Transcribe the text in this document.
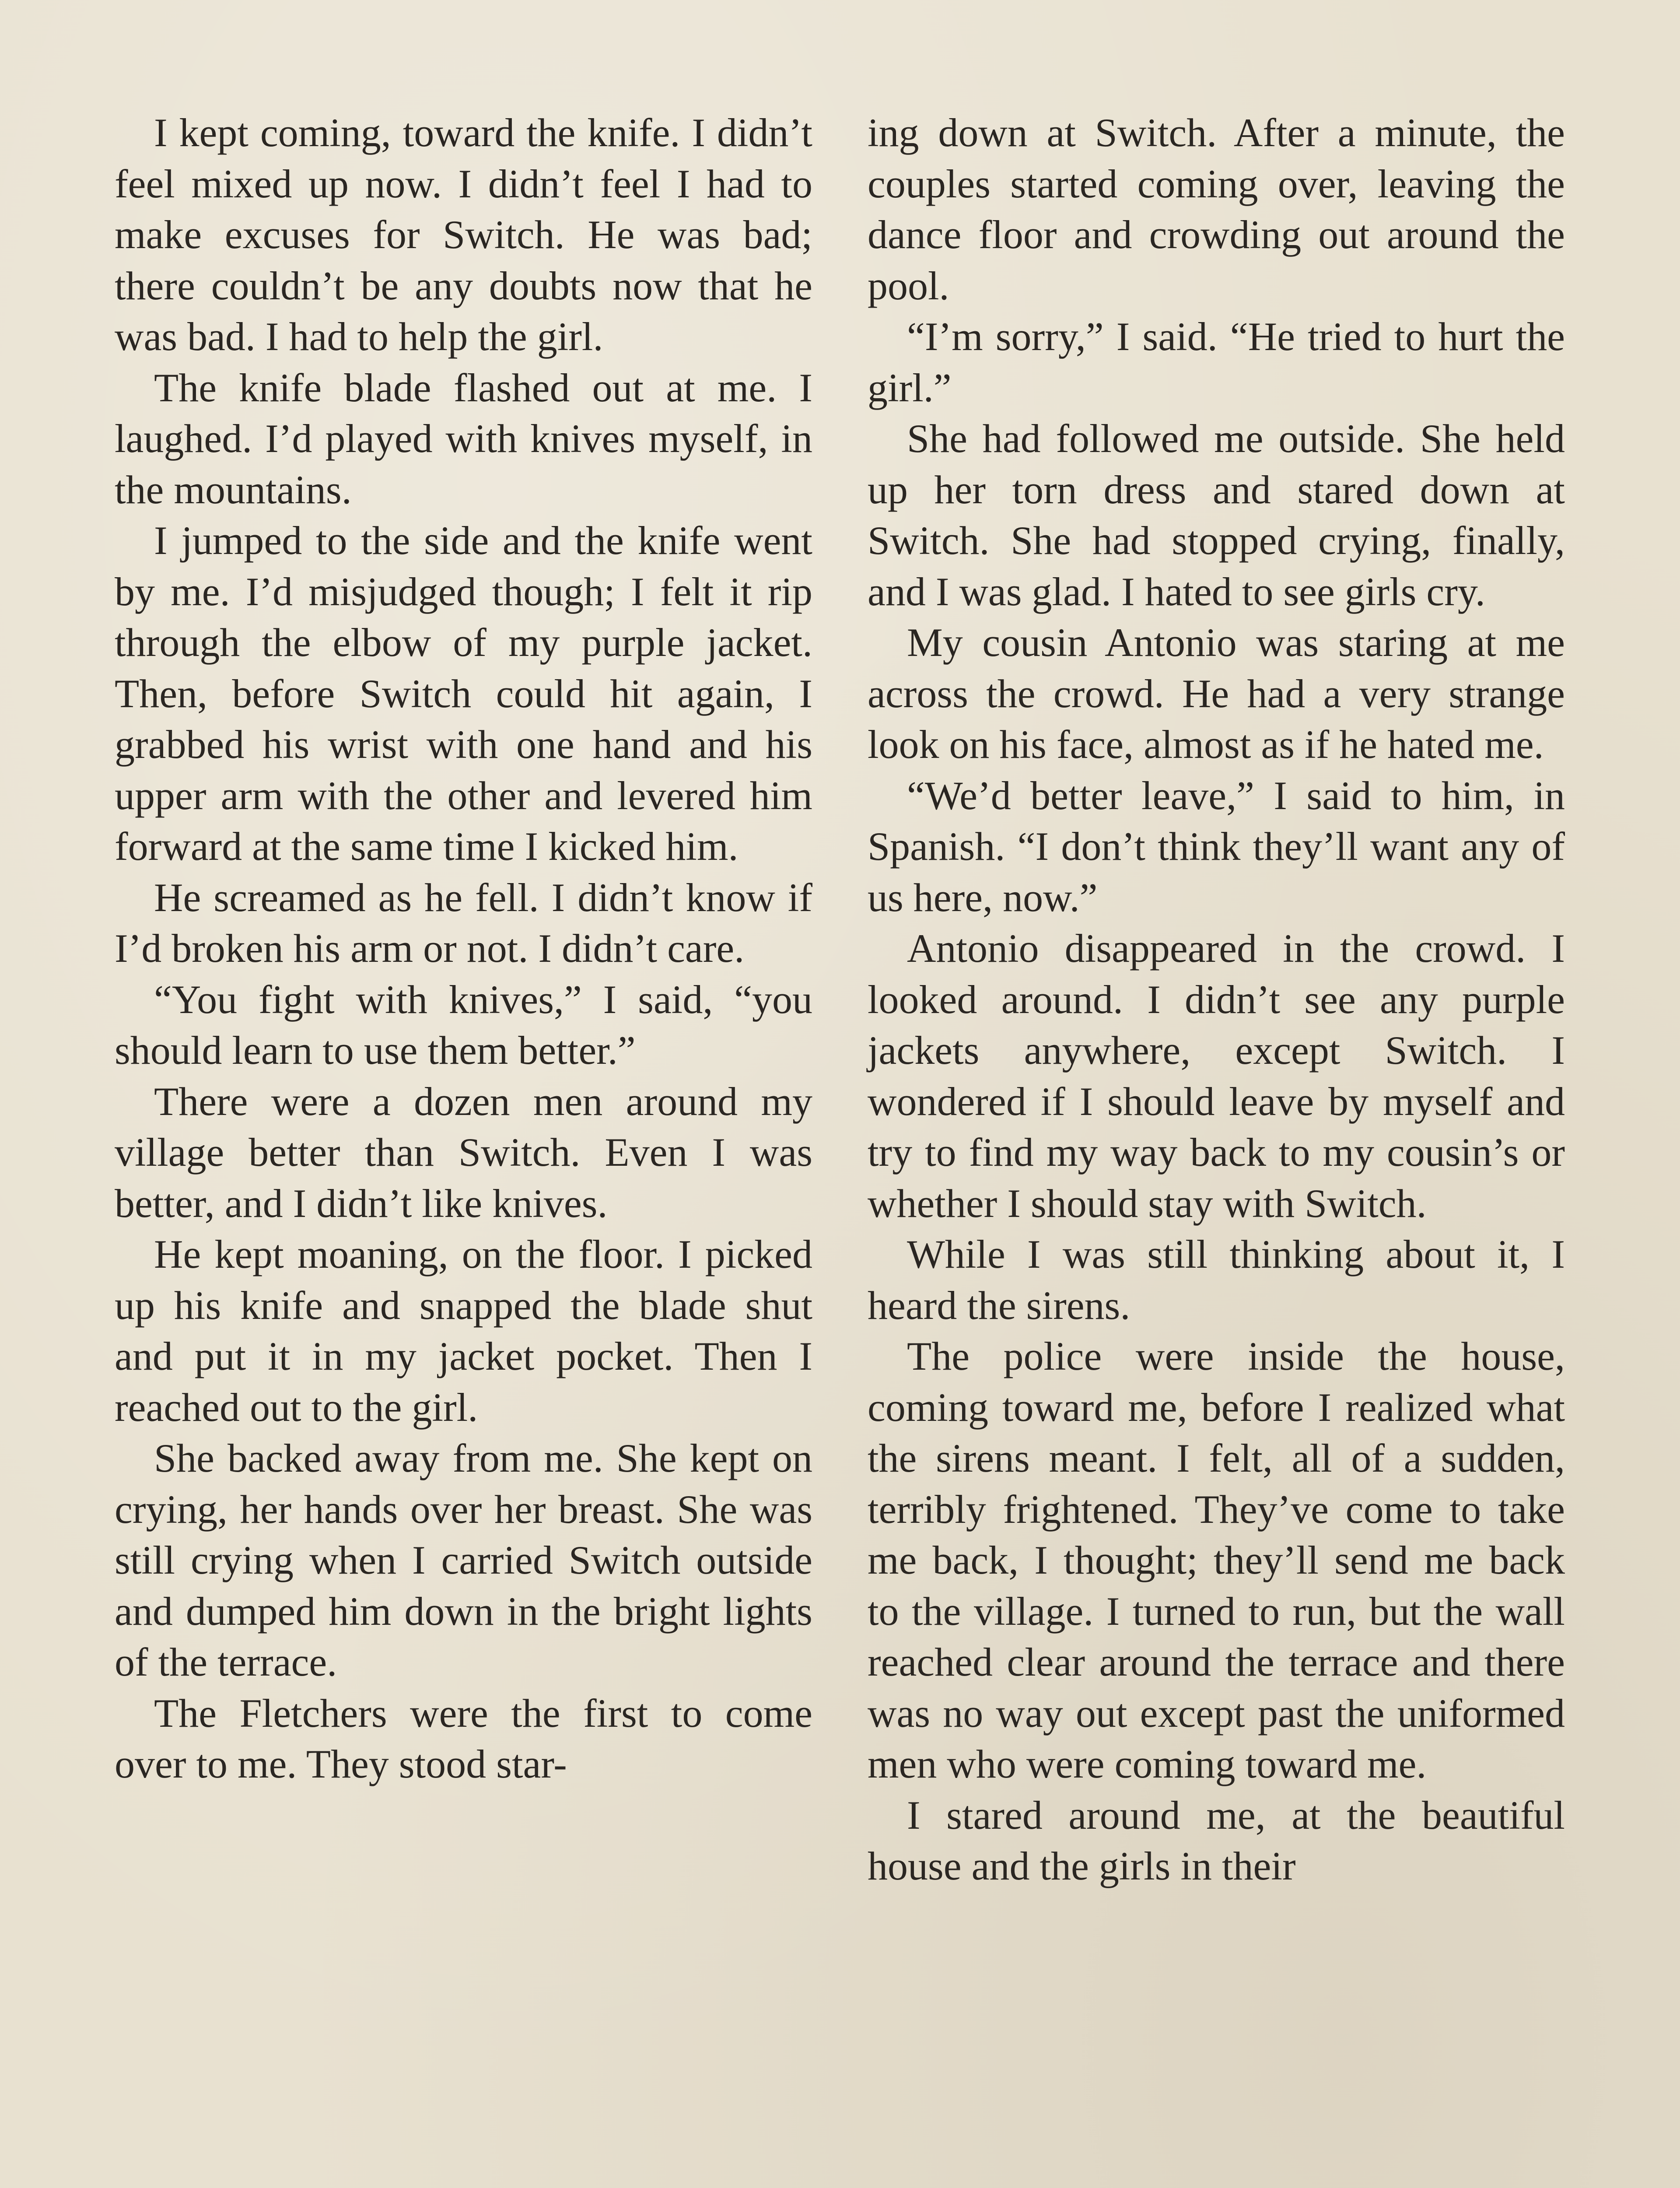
I kept coming, toward the knife. I didn’t feel mixed up now. I didn’t feel I had to make excuses for Switch. He was bad; there couldn’t be any doubts now that he was bad. I had to help the girl.

The knife blade flashed out at me. I laughed. I’d played with knives myself, in the mountains.

I jumped to the side and the knife went by me. I’d misjudged though; I felt it rip through the elbow of my purple jacket. Then, before Switch could hit again, I grabbed his wrist with one hand and his upper arm with the other and levered him forward at the same time I kicked him.

He screamed as he fell. I didn’t know if I’d broken his arm or not. I didn’t care.

“You fight with knives,” I said, “you should learn to use them better.”

There were a dozen men around my village better than Switch. Even I was better, and I didn’t like knives.

He kept moaning, on the floor. I picked up his knife and snapped the blade shut and put it in my jacket pocket. Then I reached out to the girl.

She backed away from me. She kept on crying, her hands over her breast. She was still crying when I carried Switch outside and dumped him down in the bright lights of the terrace.

The Fletchers were the first to come over to me. They stood star-

ing down at Switch. After a minute, the couples started coming over, leaving the dance floor and crowding out around the pool.

“I’m sorry,” I said. “He tried to hurt the girl.”

She had followed me outside. She held up her torn dress and stared down at Switch. She had stopped crying, finally, and I was glad. I hated to see girls cry.

My cousin Antonio was staring at me across the crowd. He had a very strange look on his face, almost as if he hated me.

“We’d better leave,” I said to him, in Spanish. “I don’t think they’ll want any of us here, now.”

Antonio disappeared in the crowd. I looked around. I didn’t see any purple jackets anywhere, except Switch. I wondered if I should leave by myself and try to find my way back to my cousin’s or whether I should stay with Switch.

While I was still thinking about it, I heard the sirens.

The police were inside the house, coming toward me, before I realized what the sirens meant. I felt, all of a sudden, terribly frightened. They’ve come to take me back, I thought; they’ll send me back to the village. I turned to run, but the wall reached clear around the terrace and there was no way out except past the uniformed men who were coming toward me.

I stared around me, at the beautiful house and the girls in their
